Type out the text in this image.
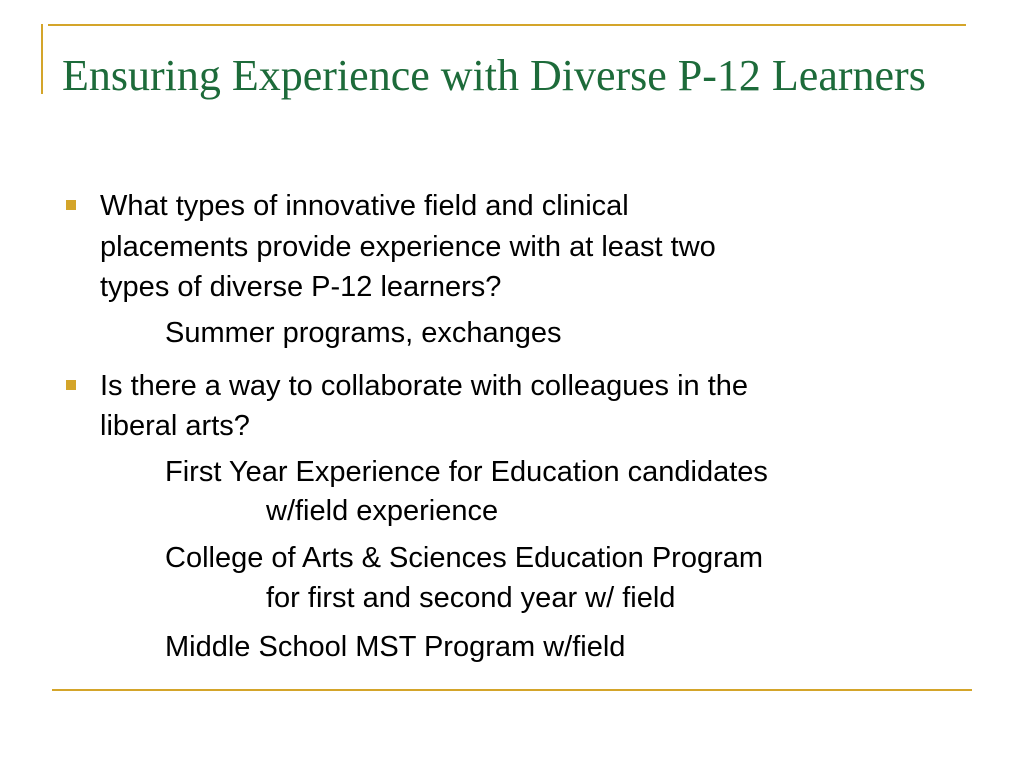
Ensuring Experience with Diverse P-12 Learners
What types of innovative field and clinical
placements provide experience with at least two
types of diverse P-12 learners?
Summer programs, exchanges
Is there a way to collaborate with colleagues in the
liberal arts?
First Year Experience for Education candidates
w/field experience
College of Arts & Sciences Education Program
for first and second year w/ field
Middle School MST Program w/field
